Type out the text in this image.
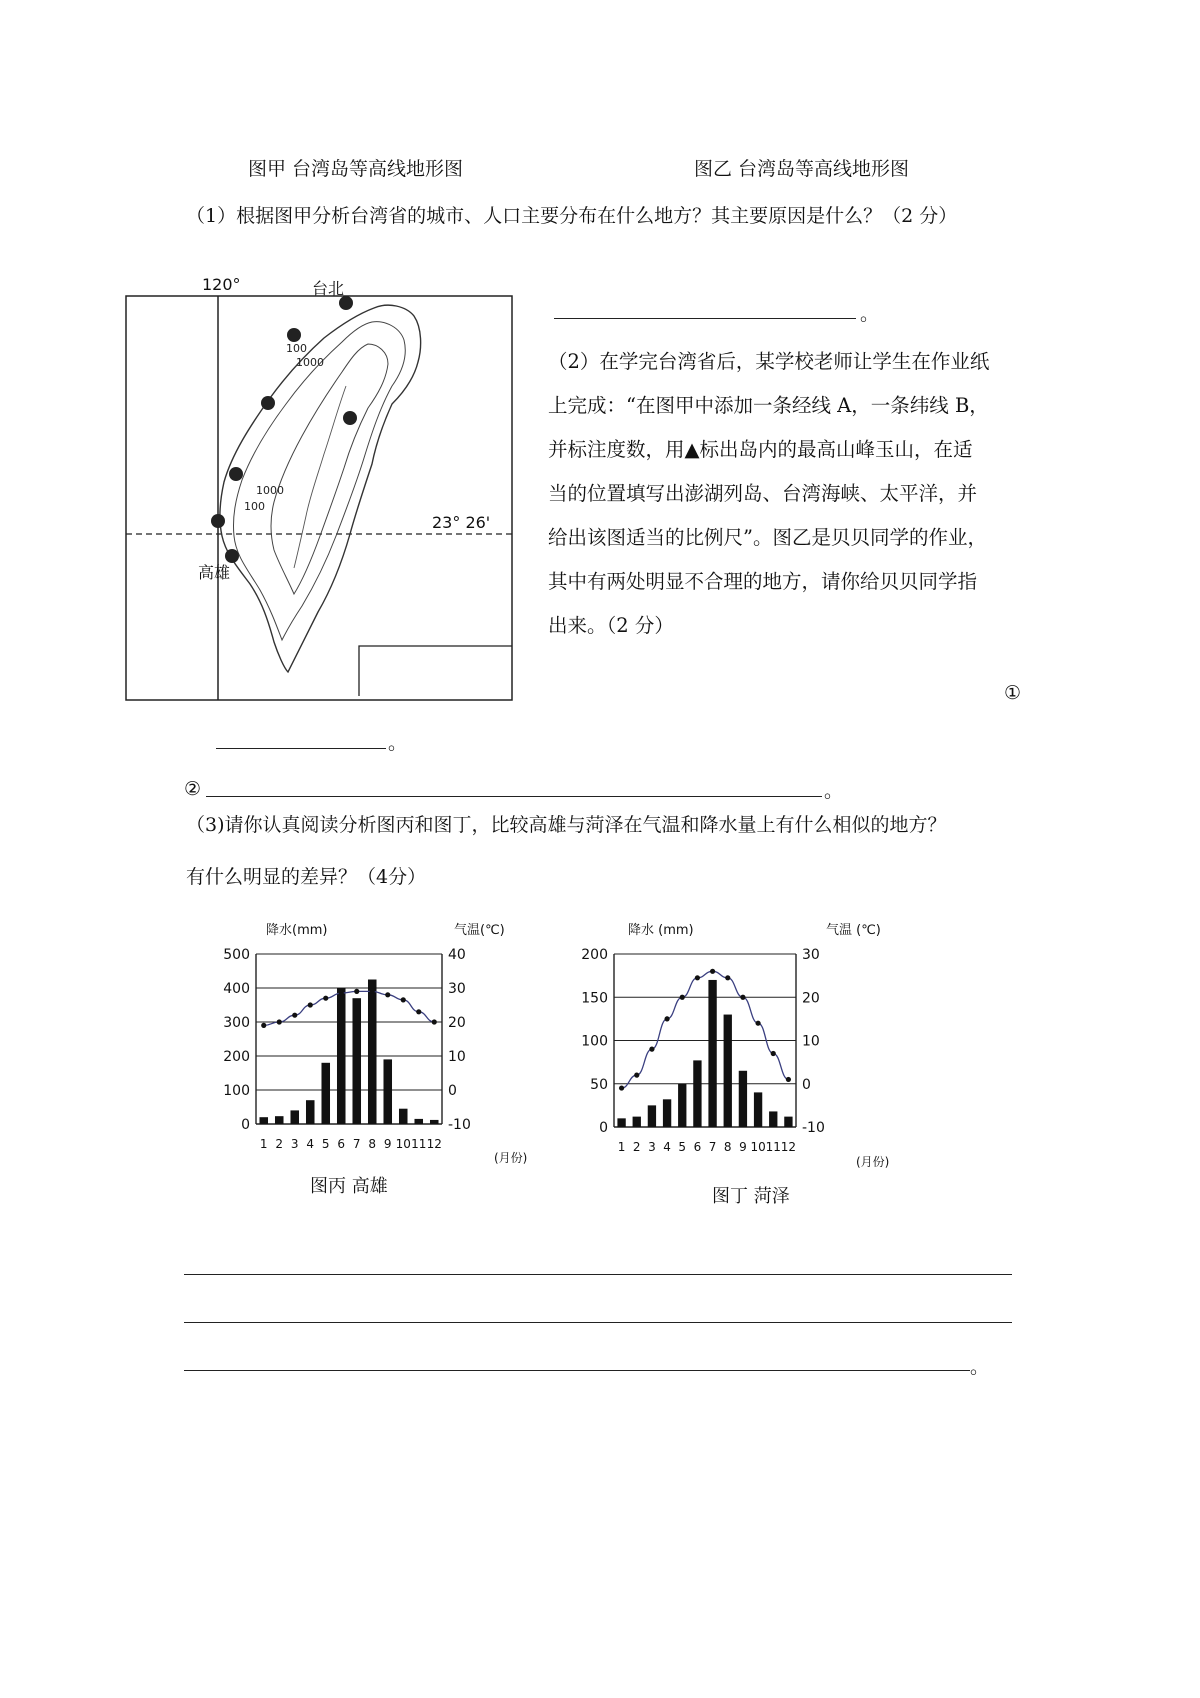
图甲 台湾岛等高线地形图	图乙 台湾岛等高线地形图
（1）根据图甲分析台湾省的城市、人口主要分布在什么地方？其主要原因是什么？（2 分）
120°
23° 26'
100
1000
1000
100
台北
高雄
。
（2）在学完台湾省后，某学校老师让学生在作业纸
上完成：“在图甲中添加一条经线 A，一条纬线 B，
并标注度数，用▲标出岛内的最高山峰玉山，在适
当的位置填写出澎湖列岛、台湾海峡、太平洋，并
给出该图适当的比例尺”。图乙是贝贝同学的作业，
其中有两处明显不合理的地方，请你给贝贝同学指
出来。（2 分）
①
。
②	。
（3)请你认真阅读分析图丙和图丁，比较高雄与菏泽在气温和降水量上有什么相似的地方？
有什么明显的差异？（4分）
降水(mm)	气温(℃)
(月份)
图丙 高雄
0
100
200
300
400
500
-10
0
10
20
30
40
1 2 3 4 5 6 7 8 9 10 11 12
降水 (mm)	气温 (℃)
(月份)
图丁 菏泽
0
50
100
150
200
-10
0
10
20
30
1 2 3 4 5 6 7 8 9 10 11 12
。
